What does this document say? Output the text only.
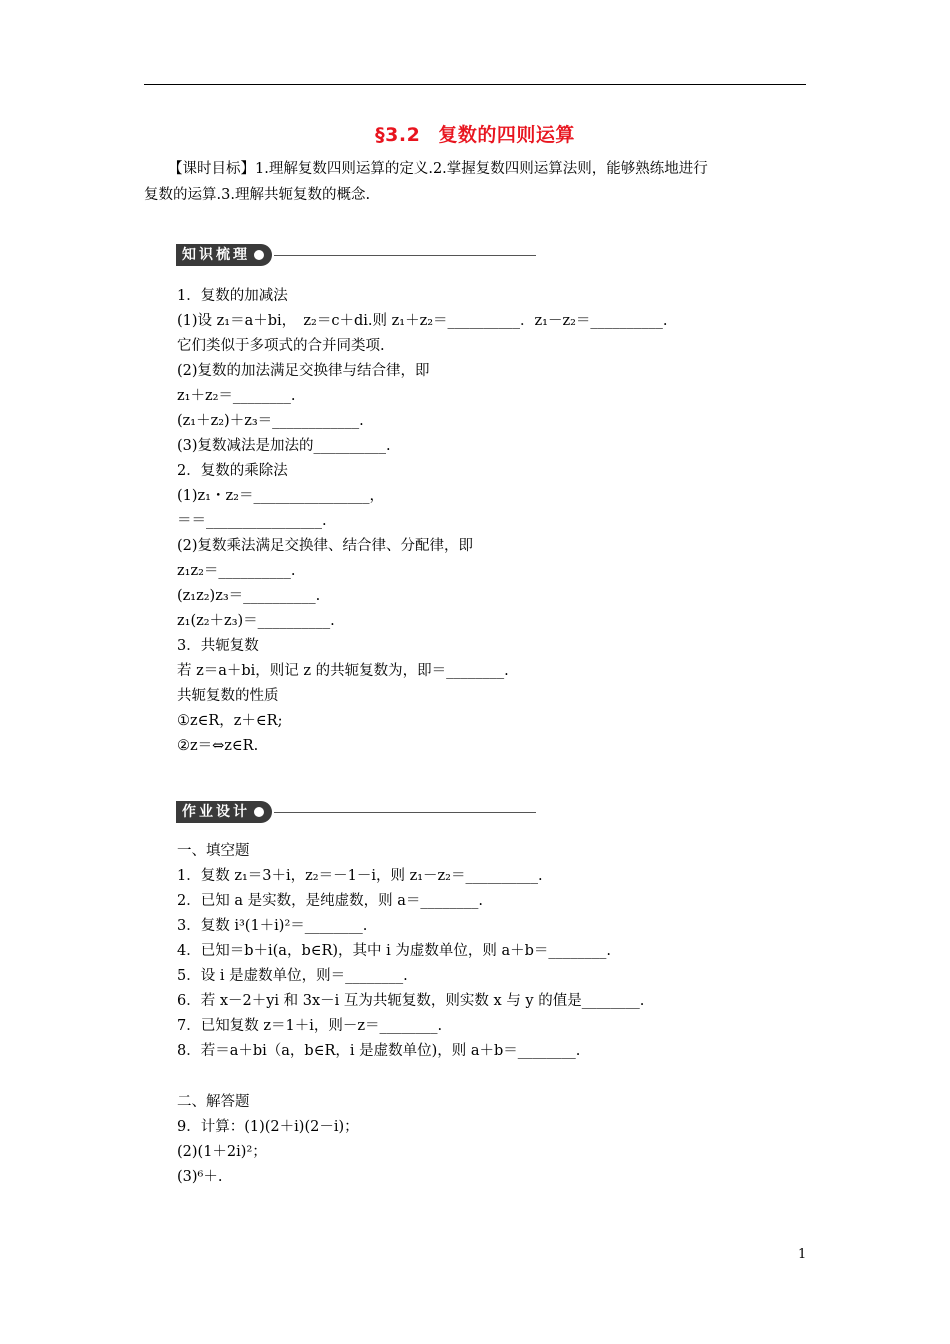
§3.2 复数的四则运算
【课时目标】1.理解复数四则运算的定义.2.掌握复数四则运算法则，能够熟练地进行
复数的运算.3.理解共轭复数的概念.
知识梳理
1．复数的加减法
(1)设 z₁＝a＋bi，　z₂＝c＋di.则 z₁＋z₂＝__________．z₁－z₂＝__________.
它们类似于多项式的合并同类项.
(2)复数的加法满足交换律与结合律，即
z₁＋z₂＝________.
(z₁＋z₂)＋z₃＝____________.
(3)复数减法是加法的__________.
2．复数的乘除法
(1)z₁・z₂＝________________，
＝＝________________.
(2)复数乘法满足交换律、结合律、分配律，即
z₁z₂＝__________.
(z₁z₂)z₃＝__________.
z₁(z₂＋z₃)＝__________.
3．共轭复数
若 z＝a＋bi，则记 z 的共轭复数为，即＝________.
共轭复数的性质
①z∈R，z＋∈R;
②z＝⇔z∈R.
作业设计
一、填空题
1．复数 z₁＝3＋i，z₂＝－1－i，则 z₁－z₂＝__________.
2．已知 a 是实数，是纯虚数，则 a＝________.
3．复数 i³(1＋i)²＝________.
4．已知＝b＋i(a，b∈R)，其中 i 为虚数单位，则 a＋b＝________.
5．设 i 是虚数单位，则＝________.
6．若 x－2＋yi 和 3x－i 互为共轭复数，则实数 x 与 y 的值是________.
7．已知复数 z＝1＋i，则－z＝________.
8．若＝a＋bi（a，b∈R，i 是虚数单位)，则 a＋b＝________.
二、解答题
9．计算：(1)(2＋i)(2－i)；
(2)(1＋2i)²；
(3)⁶＋.
1
